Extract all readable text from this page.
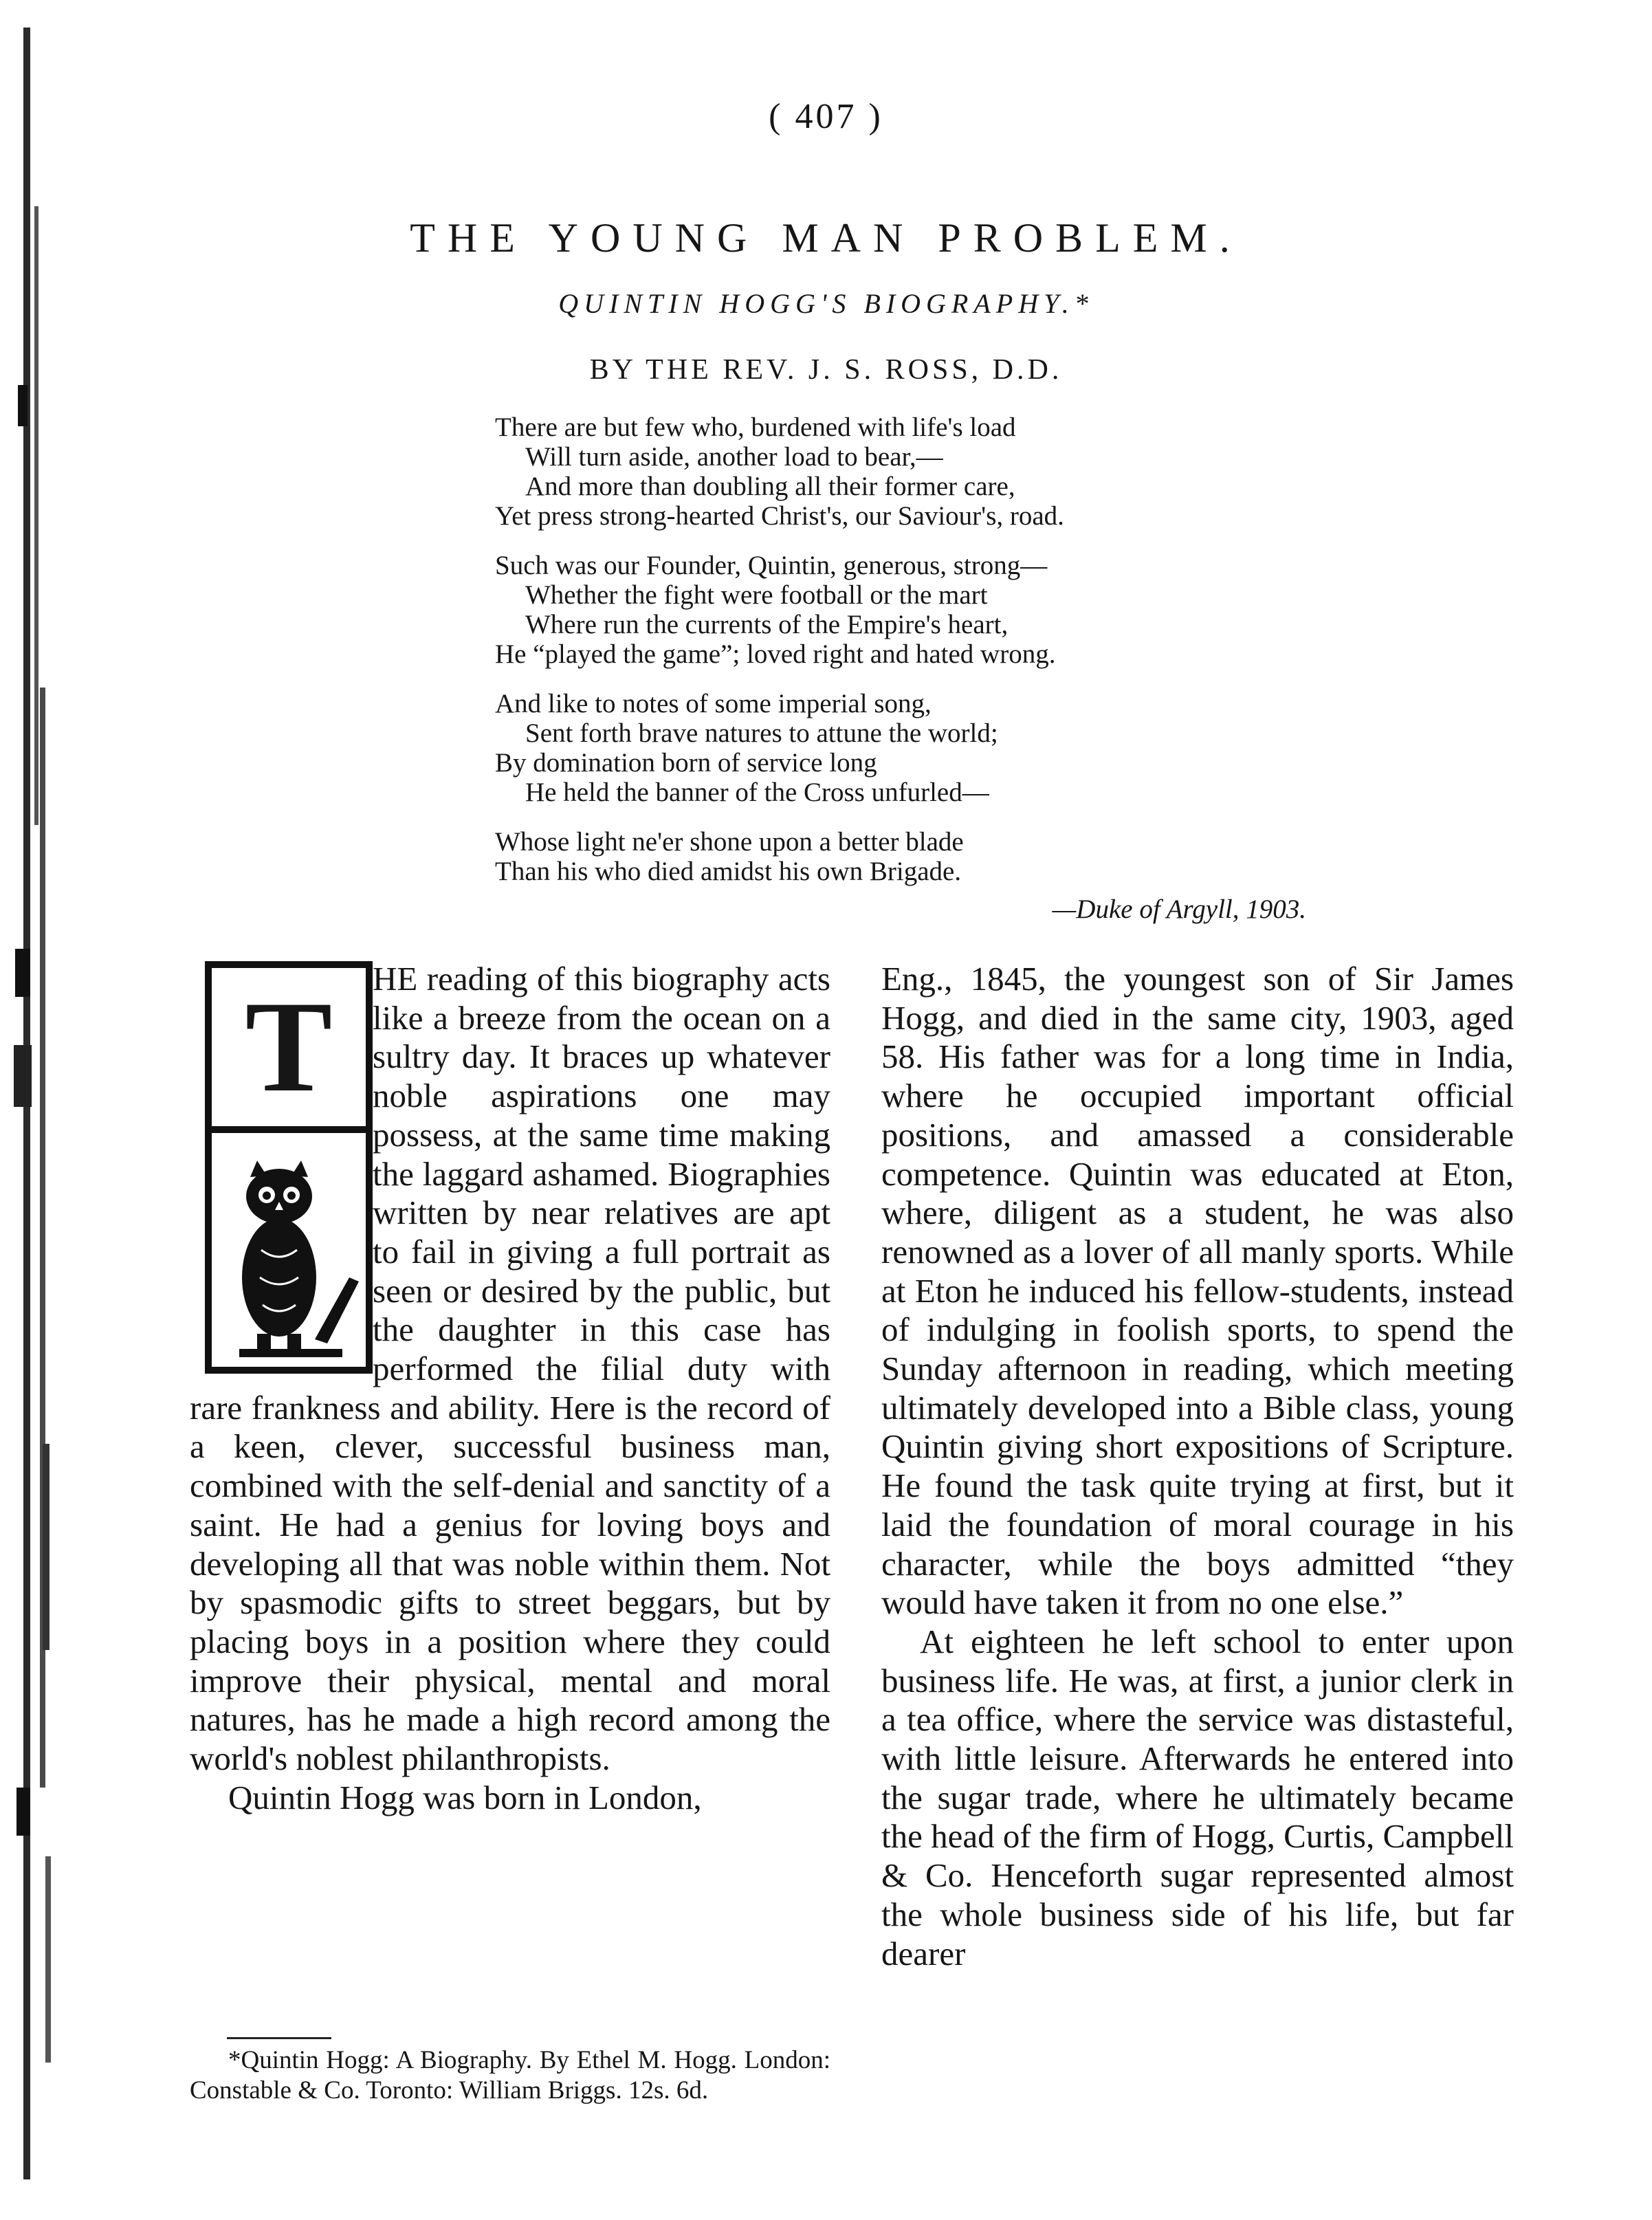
( 407 )
THE YOUNG MAN PROBLEM.
QUINTIN HOGG'S BIOGRAPHY.*
BY THE REV. J. S. ROSS, D.D.
There are but few who, burdened with life's load
Will turn aside, another load to bear,—
And more than doubling all their former care,
Yet press strong-hearted Christ's, our Saviour's, road.
Such was our Founder, Quintin, generous, strong—
Whether the fight were football or the mart
Where run the currents of the Empire's heart,
He “played the game”; loved right and hated wrong.
And like to notes of some imperial song,
Sent forth brave natures to attune the world;
By domination born of service long
He held the banner of the Cross unfurled—
Whose light ne'er shone upon a better blade
Than his who died amidst his own Brigade.
—Duke of Argyll, 1903.

HE reading of this biography acts like a breeze from the ocean on a sultry day. It braces up whatever noble aspirations one may possess, at the same time making the laggard ashamed. Biographies written by near relatives are apt to fail in giving a full portrait as seen or desired by the public, but the daughter in this case has performed the filial duty with rare frankness and ability. Here is the record of a keen, clever, successful business man, combined with the self-denial and sanctity of a saint. He had a genius for loving boys and developing all that was noble within them. Not by spasmodic gifts to street beggars, but by placing boys in a position where they could improve their physical, mental and moral natures, has he made a high record among the world's noblest philanthropists.

Quintin Hogg was born in London,

T	Eng., 1845, the youngest son of Sir James Hogg, and died in the same city, 1903, aged 58. His father was for a long time in India, where he occupied important official positions, and amassed a considerable competence. Quintin was educated at Eton, where, diligent as a student, he was also renowned as a lover of all manly sports. While at Eton he induced his fellow-students, instead of indulging in foolish sports, to spend the Sunday afternoon in reading, which meeting ultimately developed into a Bible class, young Quintin giving short expositions of Scripture. He found the task quite trying at first, but it laid the foundation of moral courage in his character, while the boys admitted “they would have taken it from no one else.”

At eighteen he left school to enter upon business life. He was, at first, a junior clerk in a tea office, where the service was distasteful, with little leisure. Afterwards he entered into the sugar trade, where he ultimately became the head of the firm of Hogg, Curtis, Campbell & Co. Henceforth sugar represented almost the whole business side of his life, but far dearer

*Quintin Hogg: A Biography. By Ethel M. Hogg. London: Constable & Co. Toronto: William Briggs. 12s. 6d.
